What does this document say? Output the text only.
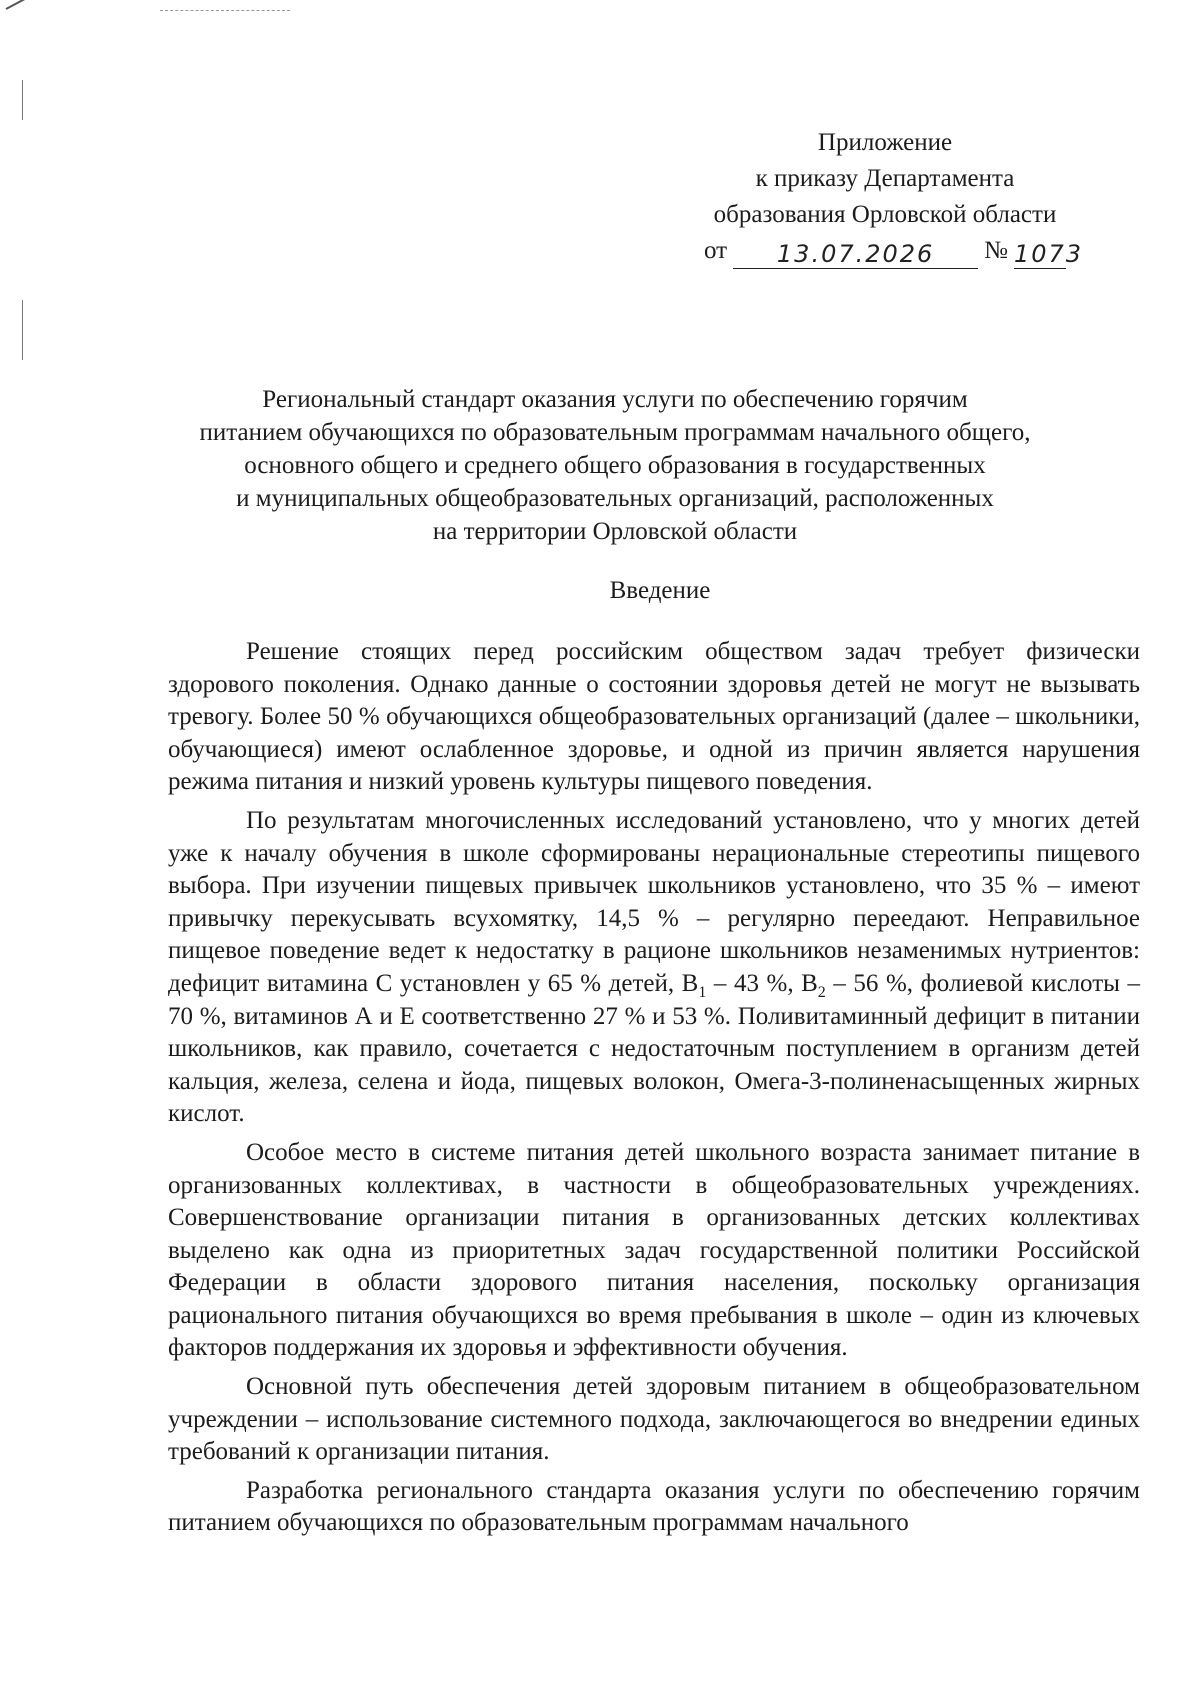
Приложение
к приказу Департамента
образования Орловской области
от	13.07.2026	№ 1073
Региональный стандарт оказания услуги по обеспечению горячим
питанием обучающихся по образовательным программам начального общего,
основного общего и среднего общего образования в государственных
и муниципальных общеобразовательных организаций, расположенных
на территории Орловской области
Введение

Решение стоящих перед российским обществом задач требует физически здорового поколения. Однако данные о состоянии здоровья детей не могут не вызывать тревогу. Более 50 % обучающихся общеобразовательных организаций (далее – школьники, обучающиеся) имеют ослабленное здоровье, и одной из причин является нарушения режима питания и низкий уровень культуры пищевого поведения.

По результатам многочисленных исследований установлено, что у многих детей уже к началу обучения в школе сформированы нерациональные стереотипы пищевого выбора. При изучении пищевых привычек школьников установлено, что 35 % – имеют привычку перекусывать всухомятку, 14,5 % – регулярно переедают. Неправильное пищевое поведение ведет к недостатку в рационе школьников незаменимых нутриентов: дефицит витамина С установлен у 65 % детей, $В_1 - 43$ %, $В_2 - 56$ %, фолиевой кислоты – 70 %, витаминов А и Е соответственно 27 % и 53 %. Поливитаминный дефицит в питании школьников, как правило, сочетается с недостаточным поступлением в организм детей кальция, железа, селена и йода, пищевых волокон, Омега-3-полиненасыщенных жирных кислот.

Особое место в системе питания детей школьного возраста занимает питание в организованных коллективах, в частности в общеобразовательных учреждениях. Совершенствование организации питания в организованных детских коллективах выделено как одна из приоритетных задач государственной политики Российской Федерации в области здорового питания населения, поскольку организация рационального питания обучающихся во время пребывания в школе – один из ключевых факторов поддержания их здоровья и эффективности обучения.

Основной путь обеспечения детей здоровым питанием в общеобразовательном учреждении – использование системного подхода, заключающегося во внедрении единых требований к организации питания.

Разработка регионального стандарта оказания услуги по обеспечению горячим питанием обучающихся по образовательным программам начального
